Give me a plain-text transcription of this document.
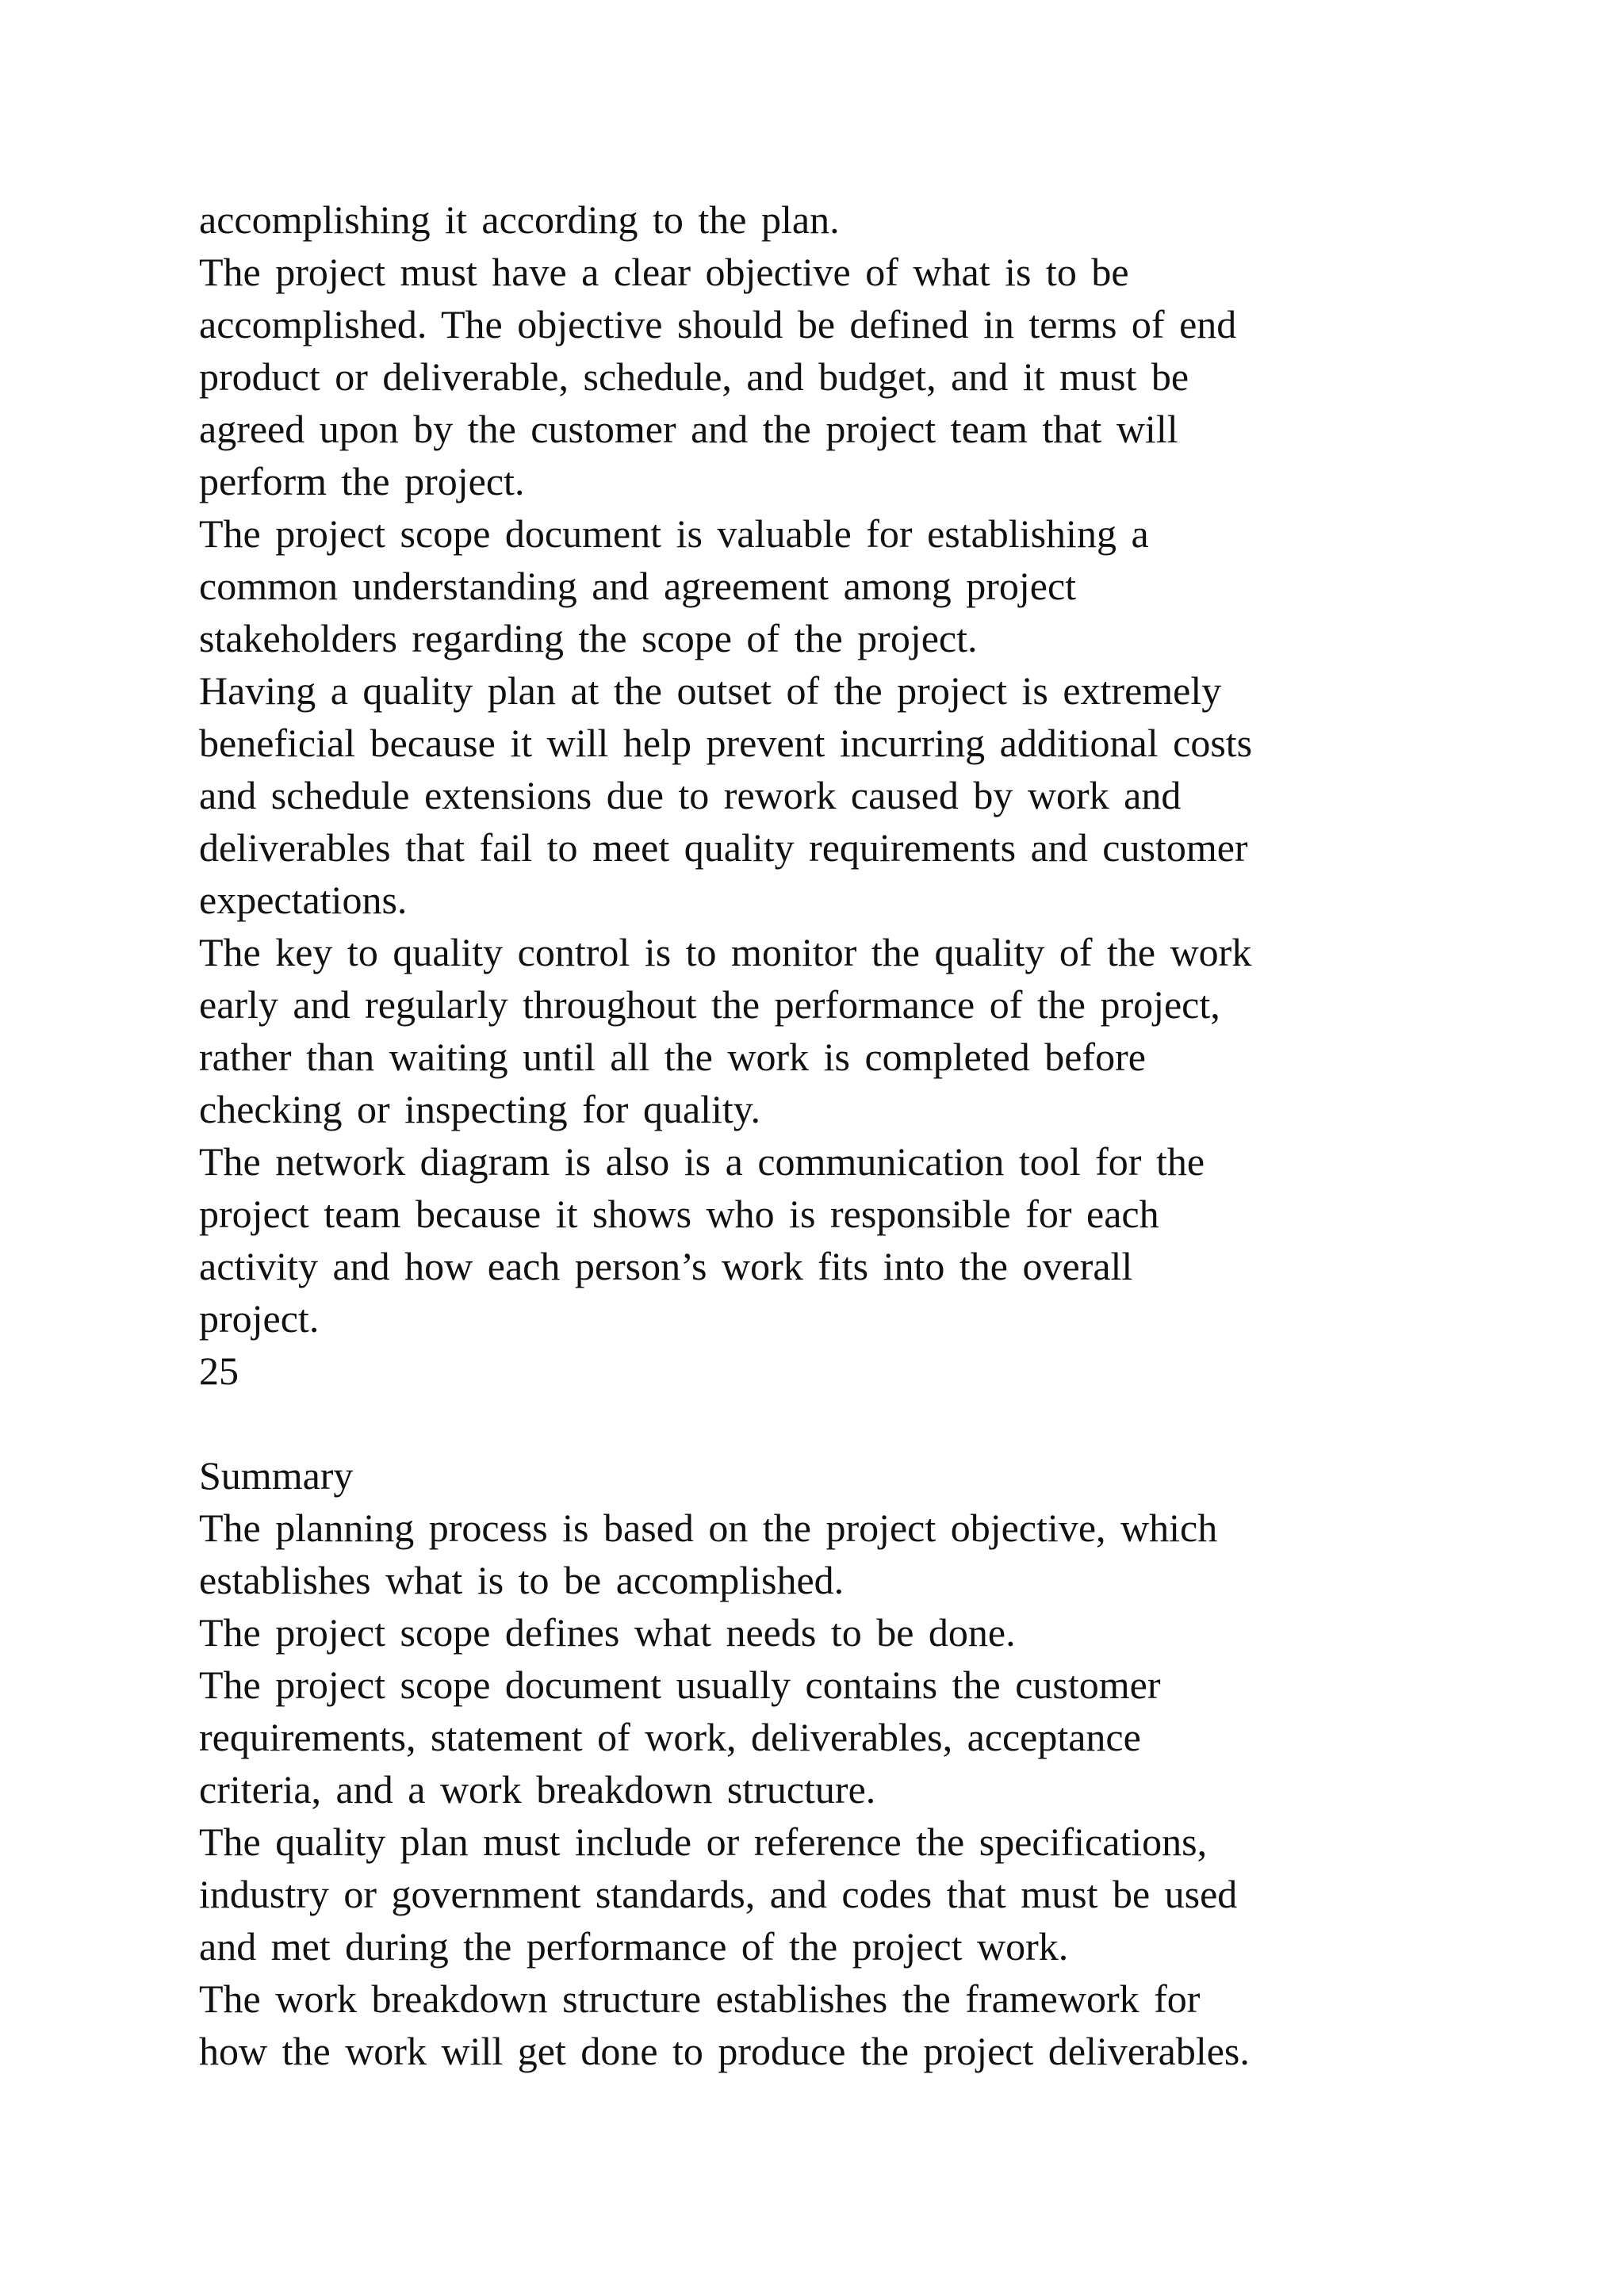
accomplishing it according to the plan.
The project must have a clear objective of what is to be
accomplished. The objective should be defined in terms of end
product or deliverable, schedule, and budget, and it must be
agreed upon by the customer and the project team that will
perform the project.
The project scope document is valuable for establishing a
common understanding and agreement among project
stakeholders regarding the scope of the project.
Having a quality plan at the outset of the project is extremely
beneficial because it will help prevent incurring additional costs
and schedule extensions due to rework caused by work and
deliverables that fail to meet quality requirements and customer
expectations.
The key to quality control is to monitor the quality of the work
early and regularly throughout the performance of the project,
rather than waiting until all the work is completed before
checking or inspecting for quality.
The network diagram is also is a communication tool for the
project team because it shows who is responsible for each
activity and how each person’s work fits into the overall
project.
25
Summary
The planning process is based on the project objective, which
establishes what is to be accomplished.
The project scope defines what needs to be done.
The project scope document usually contains the customer
requirements, statement of work, deliverables, acceptance
criteria, and a work breakdown structure.
The quality plan must include or reference the specifications,
industry or government standards, and codes that must be used
and met during the performance of the project work.
The work breakdown structure establishes the framework for
how the work will get done to produce the project deliverables.
